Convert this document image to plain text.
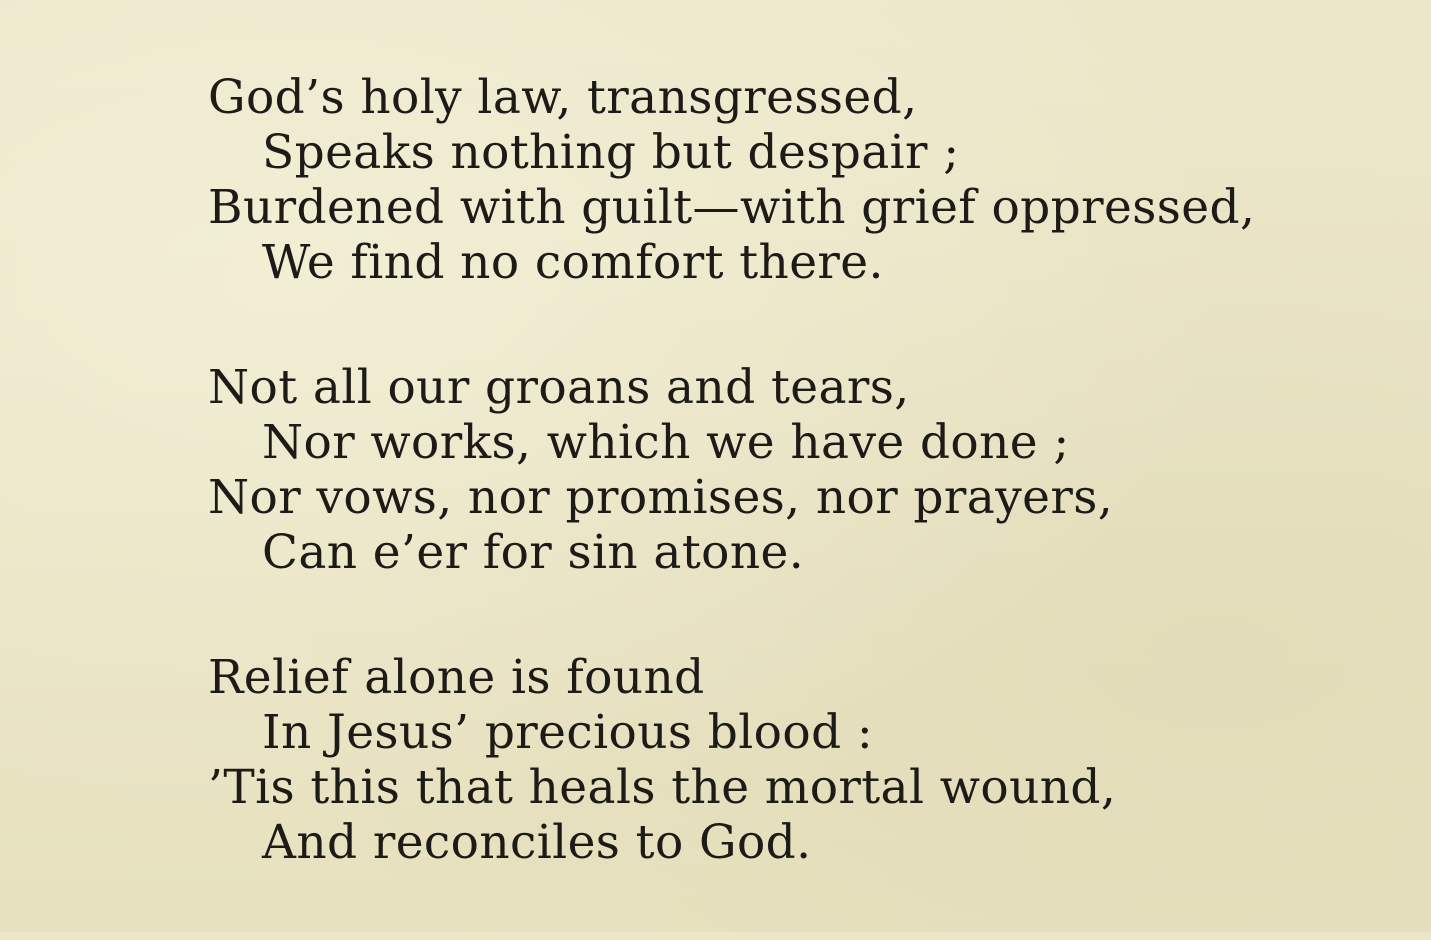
God’s holy law, transgressed,
Speaks nothing but despair ;
Burdened with guilt—with grief oppressed,
We find no comfort there.
Not all our groans and tears,
Nor works, which we have done ;
Nor vows, nor promises, nor prayers,
Can e’er for sin atone.
Relief alone is found
In Jesus’ precious blood :
’Tis this that heals the mortal wound,
And reconciles to God.
